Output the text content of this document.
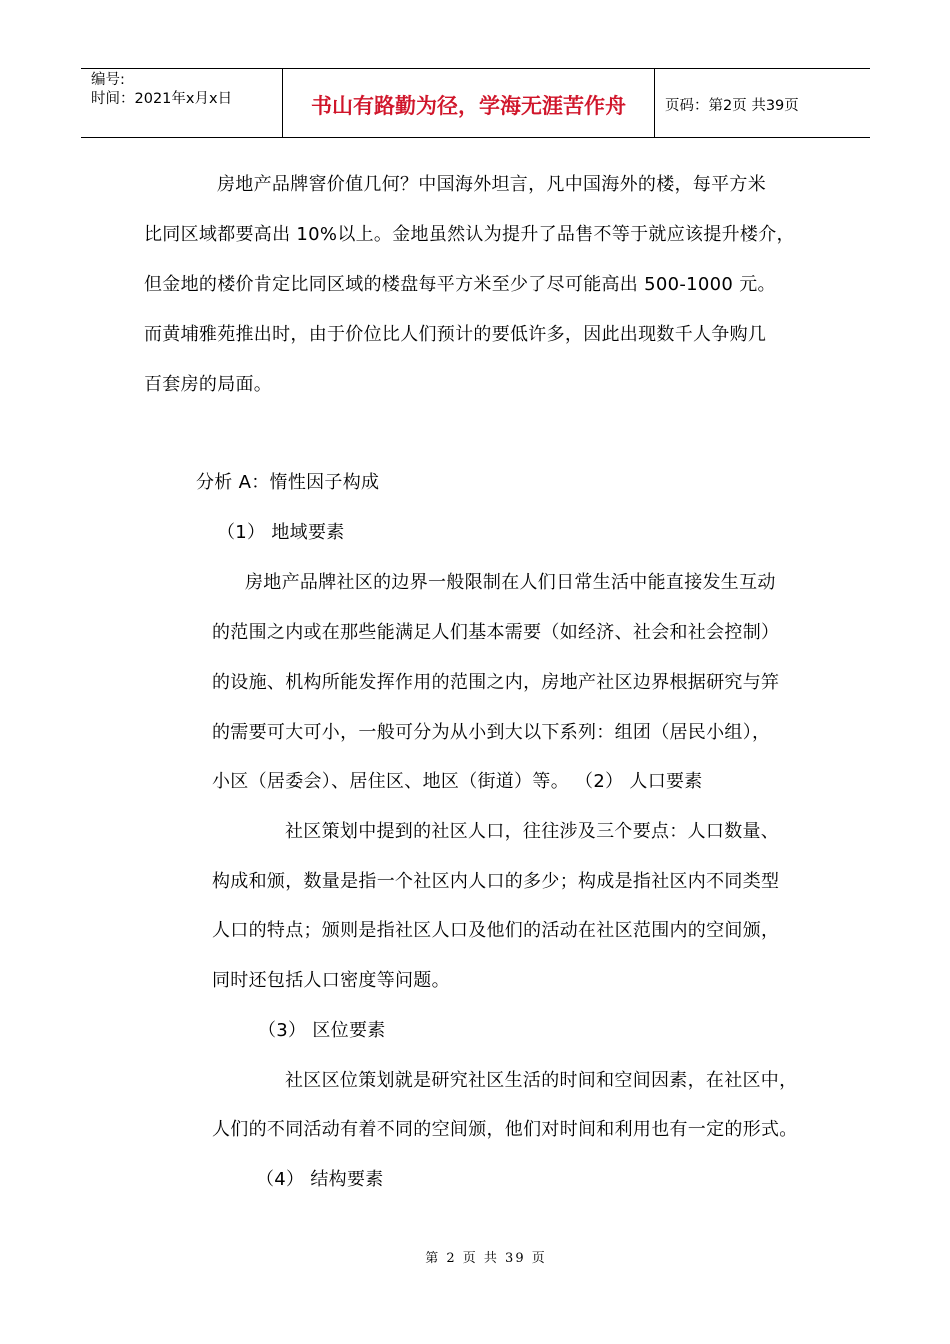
编号:
时间：2021年x月x日	书山有路勤为径，学海无涯苦作舟	页码：第2页 共39页
房地产品牌窨价值几何？中国海外坦言，凡中国海外的楼，每平方米
比同区域都要高出 10%以上。金地虽然认为提升了品售不等于就应该提升楼介，
但金地的楼价肯定比同区域的楼盘每平方米至少了尽可能高出 500-1000 元。
而黄埔雅苑推出时，由于价位比人们预计的要低许多，因此出现数千人争购几
百套房的局面。
分析 A：惰性因子构成
（1） 地域要素
房地产品牌社区的边界一般限制在人们日常生活中能直接发生互动
的范围之内或在那些能满足人们基本需要（如经济、社会和社会控制）
的设施、机构所能发挥作用的范围之内，房地产社区边界根据研究与笄
的需要可大可小，一般可分为从小到大以下系列：组团（居民小组），
小区（居委会）、居住区、地区（街道）等。 （2） 人口要素
社区策划中提到的社区人口，往往涉及三个要点：人口数量、
构成和颁，数量是指一个社区内人口的多少；构成是指社区内不同类型
人口的特点；颁则是指社区人口及他们的活动在社区范围内的空间颁，
同时还包括人口密度等问题。
（3） 区位要素
社区区位策划就是研究社区生活的时间和空间因素，在社区中，
人们的不同活动有着不同的空间颁，他们对时间和利用也有一定的形式。
（4） 结构要素
第 2 页 共 39 页
